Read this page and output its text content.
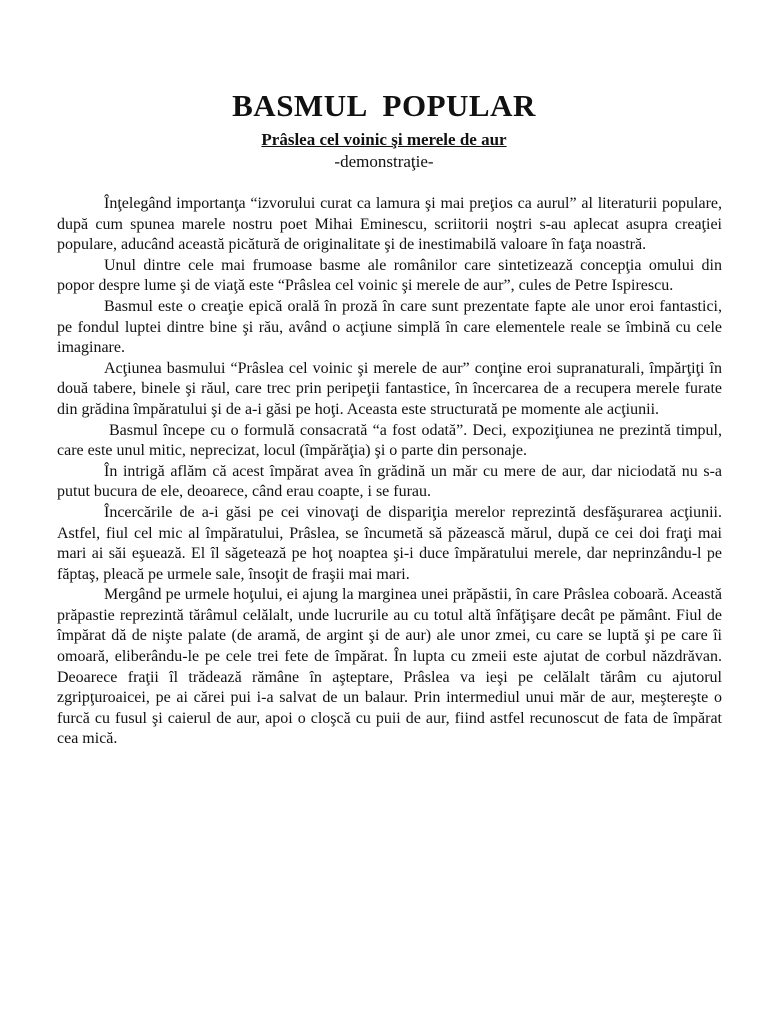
BASMUL  POPULAR
Prâslea cel voinic şi merele de aur
-demonstraţie-

Înţelegând importanţa “izvorului curat ca lamura şi mai preţios ca aurul” al literaturii populare, după cum spunea marele nostru poet Mihai Eminescu, scriitorii noştri s-au aplecat asupra creaţiei populare, aducând această picătură de originalitate şi de inestimabilă valoare în faţa noastră.

Unul dintre cele mai frumoase basme ale românilor care sintetizează concepţia omului din popor despre lume şi de viaţă este “Prâslea cel voinic şi merele de aur”, cules de Petre Ispirescu.

Basmul este o creaţie epică orală în proză în care sunt prezentate fapte ale unor eroi fantastici, pe fondul luptei dintre bine şi rău, având o acţiune simplă în care elementele reale se îmbină cu cele imaginare.

Acţiunea basmului “Prâslea cel voinic şi merele de aur” conţine eroi supranaturali, împărţiţi în două tabere, binele şi răul, care trec prin peripeţii fantastice, în încercarea de a recupera merele furate din grădina împăratului şi de a-i găsi pe hoţi. Aceasta este structurată pe momente ale acţiunii.

Basmul începe cu o formulă consacrată “a fost odată”. Deci, expoziţiunea ne prezintă timpul, care este unul mitic, neprecizat, locul (împărăţia) şi o parte din personaje.

În intrigă aflăm că acest împărat avea în grădină un măr cu mere de aur, dar niciodată nu s-a putut bucura de ele, deoarece, când erau coapte, i se furau.

Încercările de a-i găsi pe cei vinovaţi de dispariţia merelor reprezintă desfăşurarea acţiunii. Astfel, fiul cel mic al împăratului, Prâslea, se încumetă să păzească mărul, după ce cei doi fraţi mai mari ai săi eşuează. El îl săgetează pe hoţ noaptea şi-i duce împăratului merele, dar neprinzându-l pe făptaş, pleacă pe urmele sale, însoţit de fraşii mai mari.

Mergând pe urmele hoţului, ei ajung la marginea unei prăpăstii, în care Prâslea coboară. Această prăpastie reprezintă tărâmul celălalt, unde lucrurile au cu totul altă înfăţişare decât pe pământ. Fiul de împărat dă de nişte palate (de aramă, de argint şi de aur) ale unor zmei, cu care se luptă şi pe care îi omoară, eliberându-le pe cele trei fete de împărat. În lupta cu zmeii este ajutat de corbul năzdrăvan. Deoarece fraţii îl trădează rămâne în aşteptare, Prâslea va ieşi pe celălalt tărâm cu ajutorul zgripţuroaicei, pe ai cărei pui i-a salvat de un balaur. Prin intermediul unui măr de aur, meştereşte o furcă cu fusul şi caierul de aur, apoi o cloşcă cu puii de aur, fiind astfel recunoscut de fata de împărat cea mică.
